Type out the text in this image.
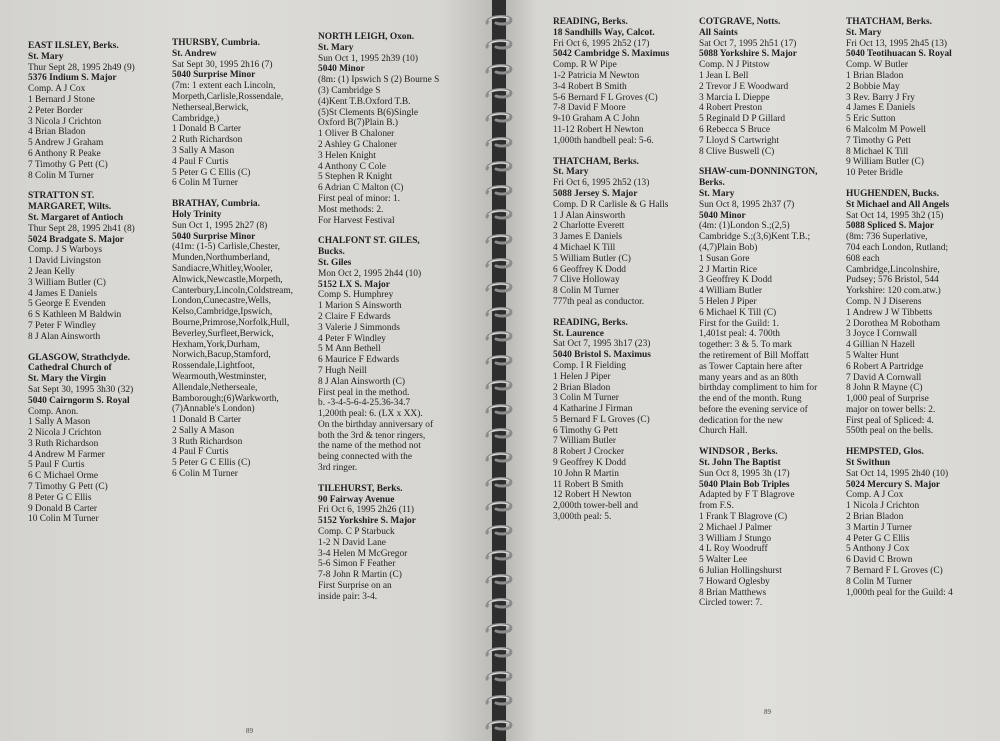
EAST ILSLEY, Berks.
St. Mary
Thur Sept 28, 1995 2h49 (9)
5376 Indium S. Major
Comp. A J Cox
1 Bernard J Stone
2 Peter Border
3 Nicola J Crichton
4 Brian Bladon
5 Andrew J Graham
6 Anthony R Peake
7 Timothy G Pett (C)
8 Colin M Turner
STRATTON ST.
MARGARET, Wilts.
St. Margaret of Antioch
Thur Sept 28, 1995 2h41 (8)
5024 Bradgate S. Major
Comp. J S Warboys
1 David Livingston
2 Jean Kelly
3 William Butler (C)
4 James E Daniels
5 George E Evenden
6 S Kathleen M Baldwin
7 Peter F Windley
8 J Alan Ainsworth
GLASGOW, Strathclyde.
Cathedral Church of
St. Mary the Virgin
Sat Sept 30, 1995 3h30 (32)
5040 Cairngorm S. Royal
Comp. Anon.
1 Sally A Mason
2 Nicola J Crichton
3 Ruth Richardson
4 Andrew M Farmer
5 Paul F Curtis
6 C Michael Orme
7 Timothy G Pett (C)
8 Peter G C Ellis
9 Donald B Carter
10 Colin M Turner
THURSBY, Cumbria.
St. Andrew
Sat Sept 30, 1995 2h16 (7)
5040 Surprise Minor
(7m: 1 extent each Lincoln,
Morpeth,Carlisle,Rossendale,
Netherseal,Berwick,
Cambridge,)
1 Donald B Carter
2 Ruth Richardson
3 Sally A Mason
4 Paul F Curtis
5 Peter G C Ellis (C)
6 Colin M Turner
BRATHAY, Cumbria.
Holy Trinity
Sun Oct 1, 1995 2h27 (8)
5040 Surprise Minor
(41m: (1-5) Carlisle,Chester,
Munden,Northumberland,
Sandiacre,Whitley,Wooler,
Alnwick,Newcastle,Morpeth,
Canterbury,Lincoln,Coldstream,
London,Cunecastre,Wells,
Kelso,Cambridge,Ipswich,
Bourne,Primrose,Norfolk,Hull,
Beverley,Surfleet,Berwick,
Hexham,York,Durham,
Norwich,Bacup,Stamford,
Rossendale,Lightfoot,
Wearmouth,Westminster,
Allendale,Netherseale,
Bamborough;(6)Warkworth,
(7)Annable's London)
1 Donald B Carter
2 Sally A Mason
3 Ruth Richardson
4 Paul F Curtis
5 Peter G C Ellis (C)
6 Colin M Turner
NORTH LEIGH, Oxon.
St. Mary
Sun Oct 1, 1995 2h39 (10)
5040 Minor
(8m: (1) Ipswich S (2) Bourne S
(3) Cambridge S
(4)Kent T.B.Oxford T.B.
(5)St Clements B(6)Single
Oxford B(7)Plain B.)
1 Oliver B Chaloner
2 Ashley G Chaloner
3 Helen Knight
4 Anthony C Cole
5 Stephen R Knight
6 Adrian C Malton (C)
First peal of minor: 1.
Most methods: 2.
For Harvest Festival
CHALFONT ST. GILES,
Bucks.
St. Giles
Mon Oct 2, 1995 2h44 (10)
5152 LX S. Major
Comp S. Humphrey
1 Marion S Ainsworth
2 Claire F Edwards
3 Valerie J Simmonds
4 Peter F Windley
5 M Ann Bethell
6 Maurice F Edwards
7 Hugh Neill
8 J Alan Ainsworth (C)
First peal in the method.
b. -3-4-5-6-4-25.36-34.7
1,200th peal: 6. (LX x XX).
On the birthday anniversary of
both the 3rd & tenor ringers,
the name of the method not
being connected with the
3rd ringer.
TILEHURST, Berks.
90 Fairway Avenue
Fri Oct 6, 1995 2h26 (11)
5152 Yorkshire S. Major
Comp. C P Starbuck
1-2 N David Lane
3-4 Helen M McGregor
5-6 Simon F Feather
7-8 John R Martin (C)
First Surprise on an
inside pair: 3-4.
89
READING, Berks.
18 Sandhills Way, Calcot.
Fri Oct 6, 1995 2h52 (17)
5042 Cambridge S. Maximus
Comp. R W Pipe
1-2 Patricia M Newton
3-4 Robert B Smith
5-6 Bernard F L Groves (C)
7-8 David F Moore
9-10 Graham A C John
11-12 Robert H Newton
1,000th handbell peal: 5-6.
THATCHAM, Berks.
St. Mary
Fri Oct 6, 1995 2h52 (13)
5088 Jersey S. Major
Comp. D R Carlisle & G Halls
1 J Alan Ainsworth
2 Charlotte Everett
3 James E Daniels
4 Michael K Till
5 William Butler (C)
6 Geoffrey K Dodd
7 Clive Holloway
8 Colin M Turner
777th peal as conductor.
READING, Berks.
St. Laurence
Sat Oct 7, 1995 3h17 (23)
5040 Bristol S. Maximus
Comp. I R Fielding
1 Helen J Piper
2 Brian Bladon
3 Colin M Turner
4 Katharine J Firman
5 Bernard F L Groves (C)
6 Timothy G Pett
7 William Butler
8 Robert J Crocker
9 Geoffrey K Dodd
10 John R Martin
11 Robert B Smith
12 Robert H Newton
2,000th tower-bell and
3,000th peal: 5.
COTGRAVE, Notts.
All Saints
Sat Oct 7, 1995 2h51 (17)
5088 Yorkshire S. Major
Comp. N J Pitstow
1 Jean L Bell
2 Trevor J E Woodward
3 Marcia L Dieppe
4 Robert Preston
5 Reginald D P Gillard
6 Rebecca S Bruce
7 Lloyd S Cartwright
8 Clive Buswell (C)
SHAW-cum-DONNINGTON,
Berks.
St. Mary
Sun Oct 8, 1995 2h37 (7)
5040 Minor
(4m: (1)London S.;(2,5)
Cambridge S.;(3,6)Kent T.B.;
(4,7)Plain Bob)
1 Susan Gore
2 J Martin Rice
3 Geoffrey K Dodd
4 William Butler
5 Helen J Piper
6 Michael K Till (C)
First for the Guild: 1.
1,401st peal: 4. 700th
together: 3 & 5. To mark
the retirement of Bill Moffatt
as Tower Captain here after
many years and as an 80th
birthday compliment to him for
the end of the month. Rung
before the evening service of
dedication for the new
Church Hall.
WINDSOR , Berks.
St. John The Baptist
Sun Oct 8, 1995 3h (17)
5040 Plain Bob Triples
Adapted by F T Blagrove
from F.S.
1 Frank T Blagrove (C)
2 Michael J Palmer
3 William J Stungo
4 L Roy Woodruff
5 Walter Lee
6 Julian Hollingshurst
7 Howard Oglesby
8 Brian Matthews
Circled tower: 7.
THATCHAM, Berks.
St. Mary
Fri Oct 13, 1995 2h45 (13)
5040 Teotihuacan S. Royal
Comp. W Butler
1 Brian Bladon
2 Bobbie May
3 Rev. Barry J Fry
4 James E Daniels
5 Eric Sutton
6 Malcolm M Powell
7 Timothy G Pett
8 Michael K Till
9 William Butler (C)
10 Peter Bridle
HUGHENDEN, Bucks.
St Michael and All Angels
Sat Oct 14, 1995 3h2 (15)
5088 Spliced S. Major
(8m: 736 Superlative,
704 each London, Rutland;
608 each
Cambridge,Lincolnshire,
Pudsey; 576 Bristol, 544
Yorkshire: 120 com.atw.)
Comp. N J Diserens
1 Andrew J W Tibbetts
2 Dorothea M Robotham
3 Joyce I Cornwall
4 Gillian N Hazell
5 Walter Hunt
6 Robert A Partridge
7 David A Cornwall
8 John R Mayne (C)
1,000 peal of Surprise
major on tower bells: 2.
First peal of Spliced: 4.
550th peal on the bells.
HEMPSTED, Glos.
St Swithun
Sat Oct 14, 1995 2h40 (10)
5024 Mercury S. Major
Comp. A J Cox
1 Nicola J Crichton
2 Brian Bladon
3 Martin J Turner
4 Peter G C Ellis
5 Anthony J Cox
6 David C Brown
7 Bernard F L Groves (C)
8 Colin M Turner
1,000th peal for the Guild: 4
89
